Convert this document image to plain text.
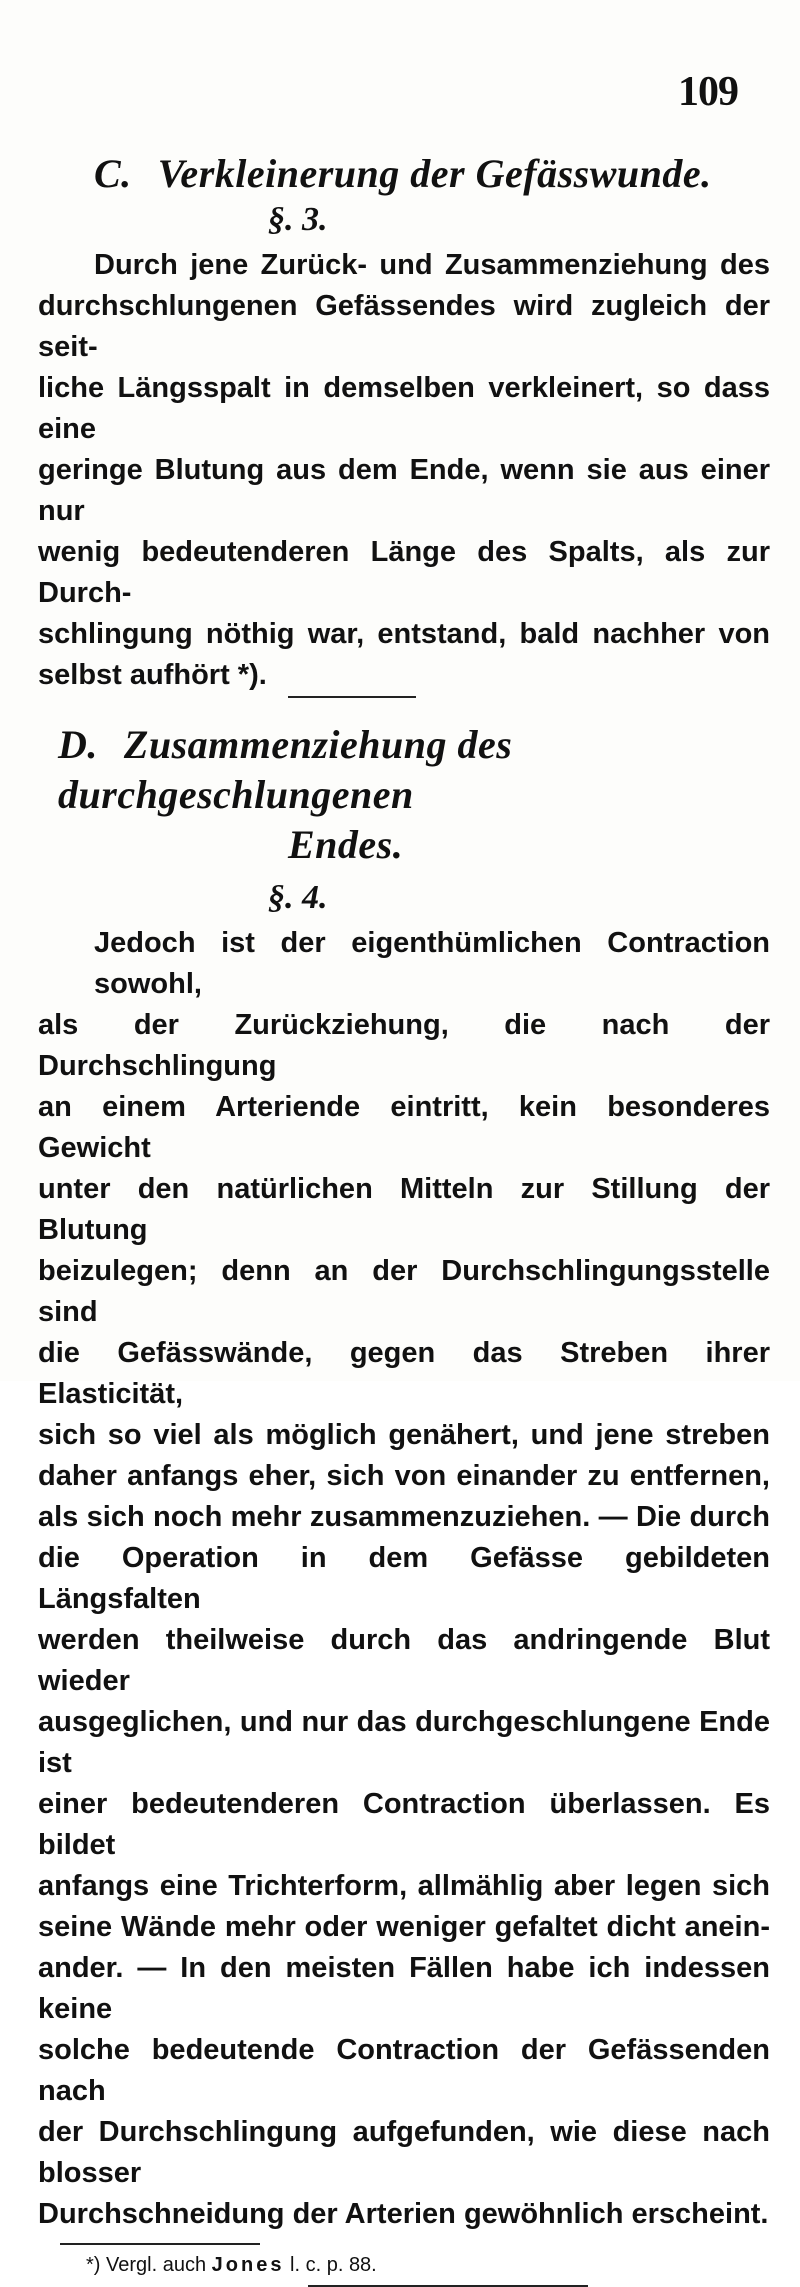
109
C. Verkleinerung der Gefässwunde.
§. 3.
Durch jene Zurück- und Zusammenziehung des
durchschlungenen Gefässendes wird zugleich der seit-
liche Längsspalt in demselben verkleinert, so dass eine
geringe Blutung aus dem Ende, wenn sie aus einer nur
wenig bedeutenderen Länge des Spalts, als zur Durch-
schlingung nöthig war, entstand, bald nachher von
selbst aufhört *).
D. Zusammenziehung des durchgeschlungenen
Endes.
§. 4.
Jedoch ist der eigenthümlichen Contraction sowohl,
als der Zurückziehung, die nach der Durchschlingung
an einem Arteriende eintritt, kein besonderes Gewicht
unter den natürlichen Mitteln zur Stillung der Blutung
beizulegen; denn an der Durchschlingungsstelle sind
die Gefässwände, gegen das Streben ihrer Elasticität,
sich so viel als möglich genähert, und jene streben
daher anfangs eher, sich von einander zu entfernen,
als sich noch mehr zusammenzuziehen. — Die durch
die Operation in dem Gefässe gebildeten Längsfalten
werden theilweise durch das andringende Blut wieder
ausgeglichen, und nur das durchgeschlungene Ende ist
einer bedeutenderen Contraction überlassen. Es bildet
anfangs eine Trichterform, allmählig aber legen sich
seine Wände mehr oder weniger gefaltet dicht anein-
ander. — In den meisten Fällen habe ich indessen keine
solche bedeutende Contraction der Gefässenden nach
der Durchschlingung aufgefunden, wie diese nach blosser
Durchschneidung der Arterien gewöhnlich erscheint.
*) Vergl. auch Jones l. c. p. 88.
